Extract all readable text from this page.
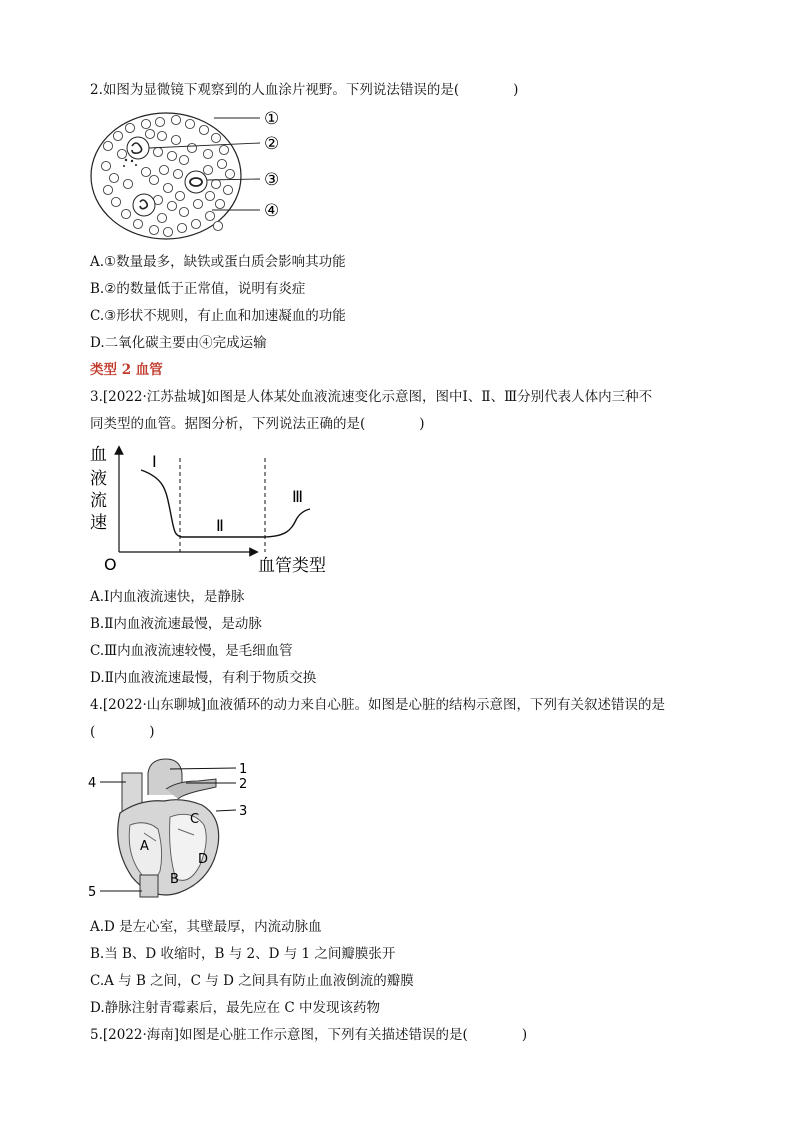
2.如图为显微镜下观察到的人血涂片视野。下列说法错误的是(	)
①
②
③
④
A.①数量最多，缺铁或蛋白质会影响其功能
B.②的数量低于正常值，说明有炎症
C.③形状不规则，有止血和加速凝血的功能
D.二氧化碳主要由④完成运输
类型 2 血管
3.[2022·江苏盐城]如图是人体某处血液流速变化示意图，图中Ⅰ、Ⅱ、Ⅲ分别代表人体内三种不
同类型的血管。据图分析，下列说法正确的是(	)
血
液
流
速
O	血管类型
Ⅰ
Ⅱ
Ⅲ
A.Ⅰ内血液流速快，是静脉
B.Ⅱ内血液流速最慢，是动脉
C.Ⅲ内血液流速较慢，是毛细血管
D.Ⅱ内血液流速最慢，有利于物质交换
4.[2022·山东聊城]血液循环的动力来自心脏。如图是心脏的结构示意图，下列有关叙述错误的是
(	)
1
2
3
4
5
A
B
C
D
A.D 是左心室，其壁最厚，内流动脉血
B.当 B、D 收缩时，B 与 2、D 与 1 之间瓣膜张开
C.A 与 B 之间，C 与 D 之间具有防止血液倒流的瓣膜
D.静脉注射青霉素后，最先应在 C 中发现该药物
5.[2022·海南]如图是心脏工作示意图，下列有关描述错误的是(	)
